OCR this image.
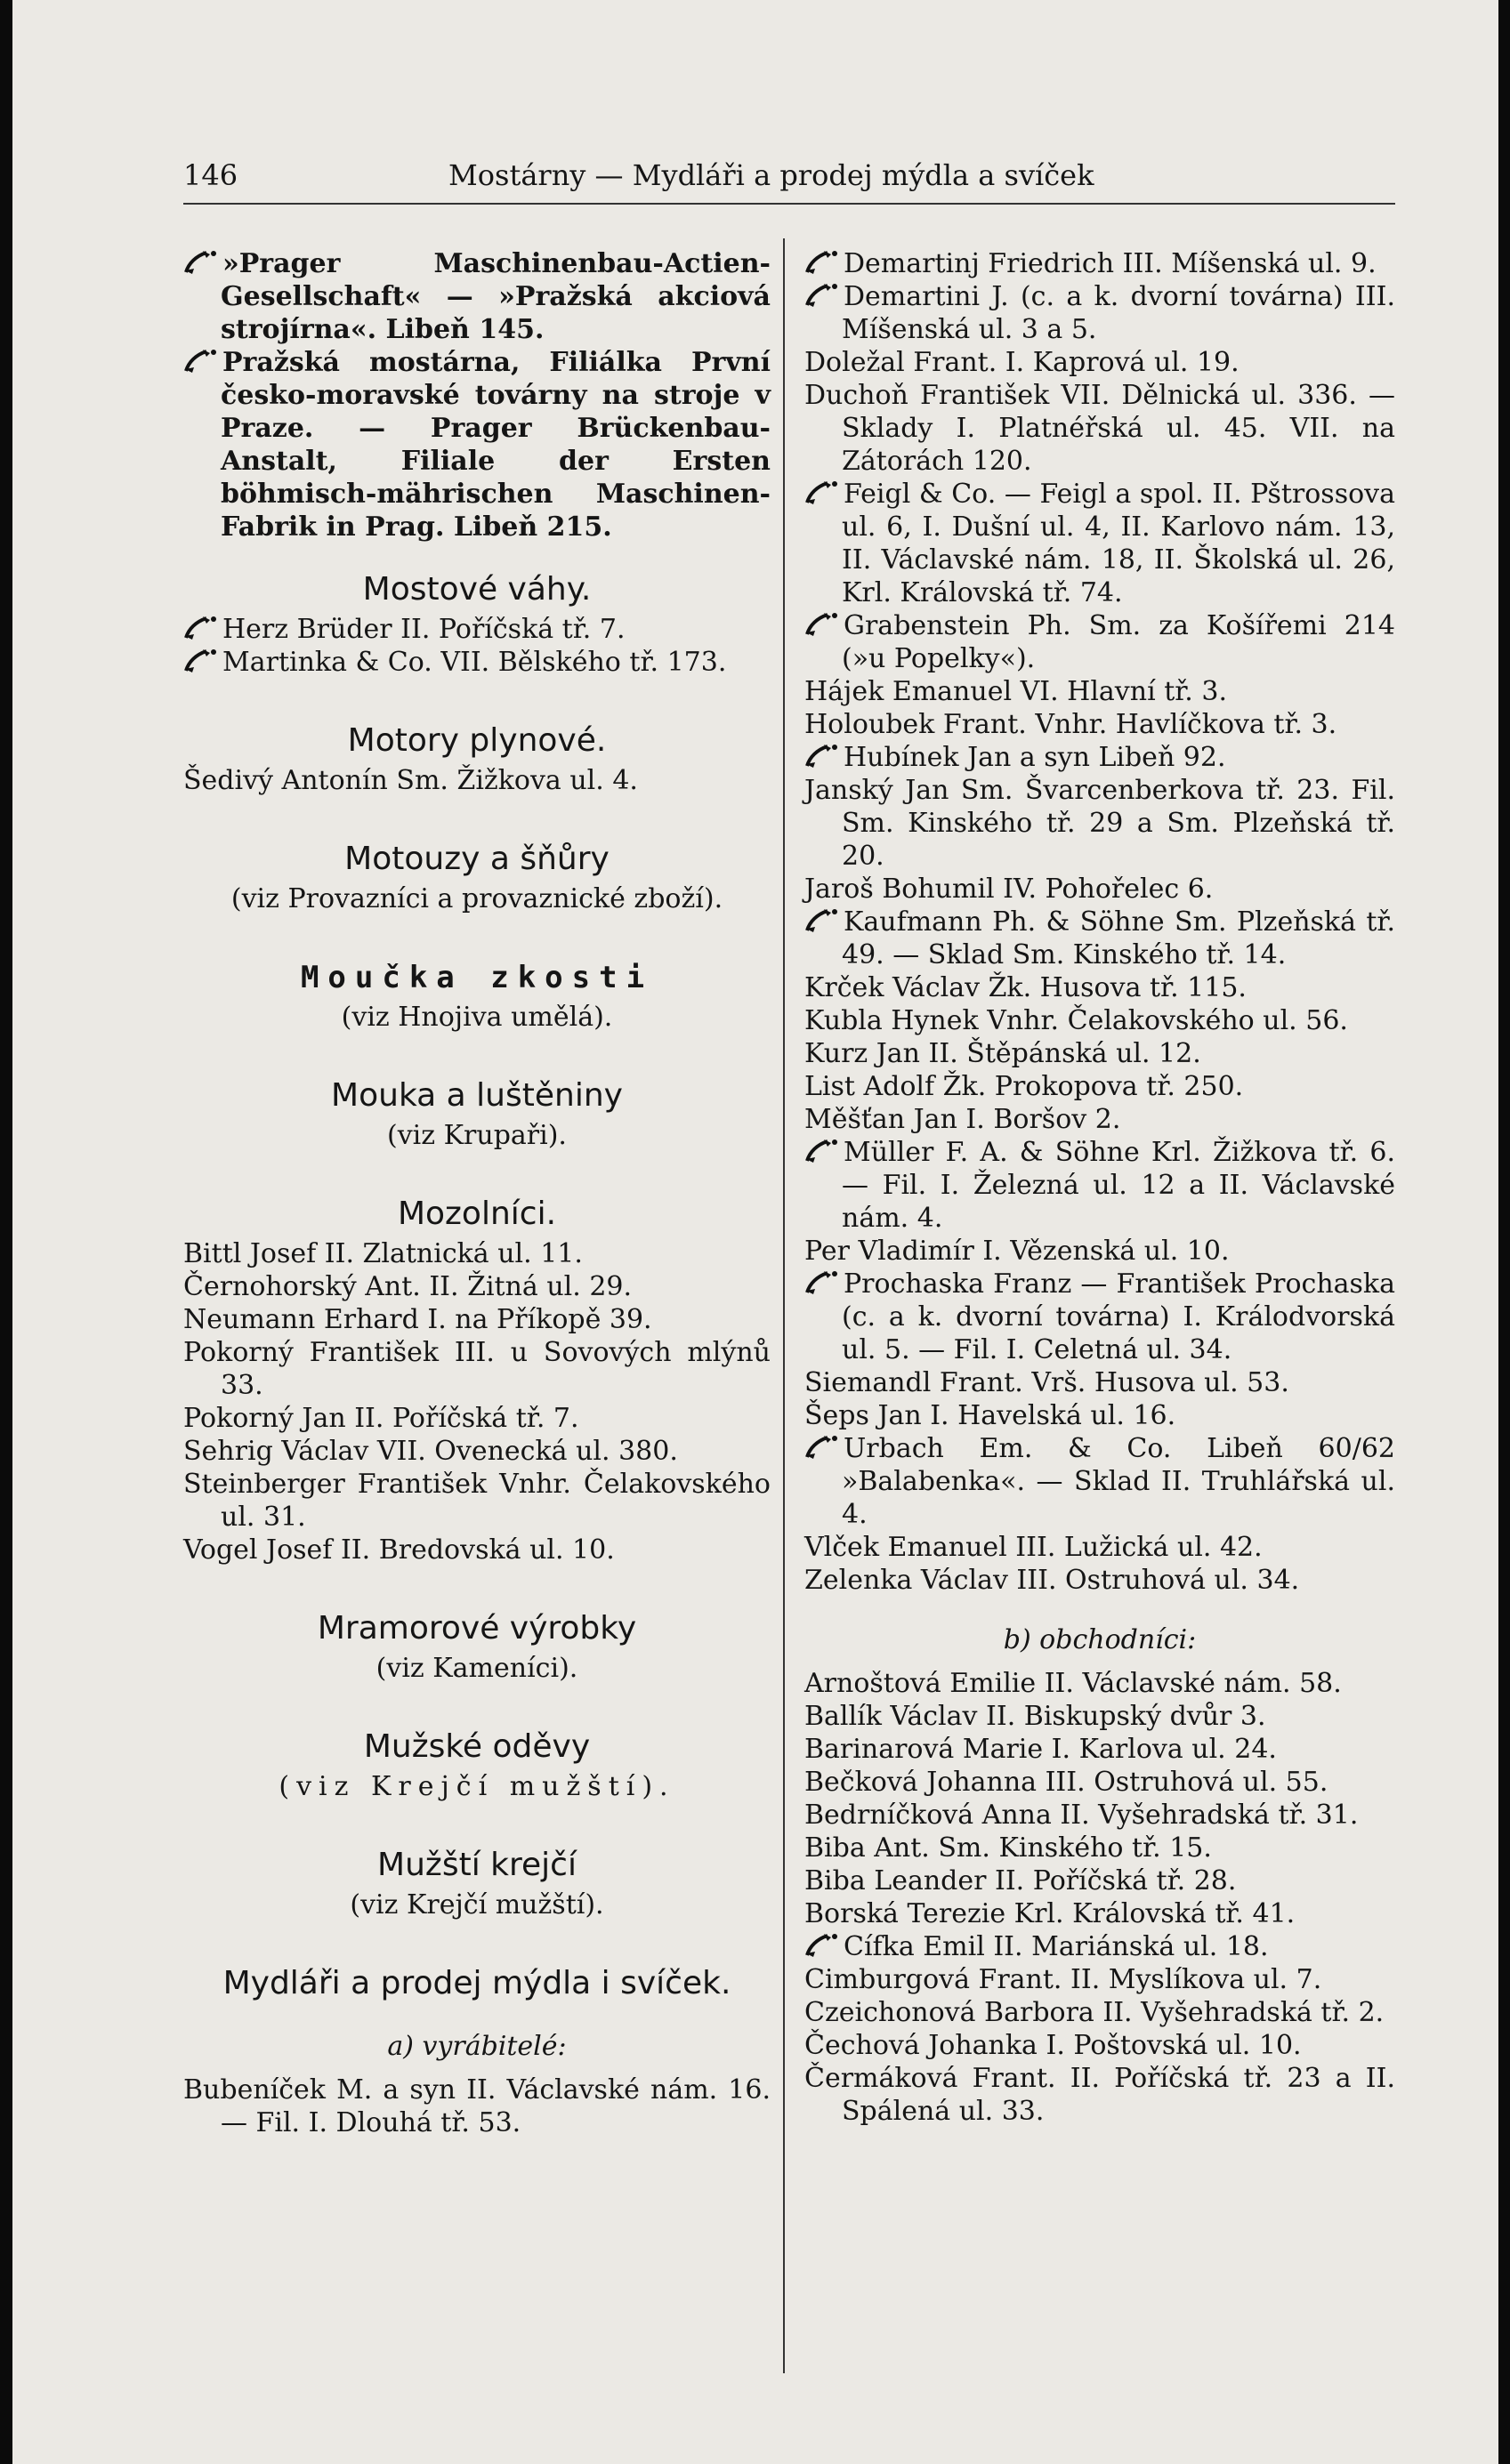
146	Mostárny — Mydláři a prodej mýdla a svíček

»Prager Maschinenbau-Actien-Gesellschaft« — »Pražská akciová strojírna«. Libeň 145.

Pražská mostárna, Filiálka První česko-moravské továrny na stroje v Praze. — Prager Brückenbau-Anstalt, Filiale der Ersten böhmisch-mährischen Maschinen-Fabrik in Prag. Libeň 215.

Mostové váhy.

Herz Brüder II. Poříčská tř. 7.

Martinka & Co. VII. Bělského tř. 173.

Motory plynové.

Šedivý Antonín Sm. Žižkova ul. 4.

Motouzy a šňůry
(viz Provazníci a provaznické zboží).
Moučka zkosti
(viz Hnojiva umělá).
Mouka a luštěniny
(viz Krupaři).
Mozolníci.

Bittl Josef II. Zlatnická ul. 11.

Černohorský Ant. II. Žitná ul. 29.

Neumann Erhard I. na Příkopě 39.

Pokorný František III. u Sovových mlýnů 33.

Pokorný Jan II. Poříčská tř. 7.

Sehrig Václav VII. Ovenecká ul. 380.

Steinberger František Vnhr. Čelakovského ul. 31.

Vogel Josef II. Bredovská ul. 10.

Mramorové výrobky
(viz Kameníci).
Mužské oděvy
(viz Krejčí mužští).
Mužští krejčí
(viz Krejčí mužští).
Mydláři a prodej mýdla i svíček.
a) vyrábitelé:

Bubeníček M. a syn II. Václavské nám. 16. — Fil. I. Dlouhá tř. 53.

Demartinj Friedrich III. Míšenská ul. 9.

Demartini J. (c. a k. dvorní továrna) III. Míšenská ul. 3 a 5.

Doležal Frant. I. Kaprová ul. 19.

Duchoň František VII. Dělnická ul. 336. — Sklady I. Platnéřská ul. 45. VII. na Zátorách 120.

Feigl & Co. — Feigl a spol. II. Pštrossova ul. 6, I. Dušní ul. 4, II. Karlovo nám. 13, II. Václavské nám. 18, II. Školská ul. 26, Krl. Královská tř. 74.

Grabenstein Ph. Sm. za Košířemi 214 (»u Popelky«).

Hájek Emanuel VI. Hlavní tř. 3.

Holoubek Frant. Vnhr. Havlíčkova tř. 3.

Hubínek Jan a syn Libeň 92.

Janský Jan Sm. Švarcenberkova tř. 23. Fil. Sm. Kinského tř. 29 a Sm. Plzeňská tř. 20.

Jaroš Bohumil IV. Pohořelec 6.

Kaufmann Ph. & Söhne Sm. Plzeňská tř. 49. — Sklad Sm. Kinského tř. 14.

Krček Václav Žk. Husova tř. 115.

Kubla Hynek Vnhr. Čelakovského ul. 56.

Kurz Jan II. Štěpánská ul. 12.

List Adolf Žk. Prokopova tř. 250.

Měšťan Jan I. Boršov 2.

Müller F. A. & Söhne Krl. Žižkova tř. 6. — Fil. I. Železná ul. 12 a II. Václavské nám. 4.

Per Vladimír I. Vězenská ul. 10.

Prochaska Franz — František Prochaska (c. a k. dvorní továrna) I. Králodvorská ul. 5. — Fil. I. Celetná ul. 34.

Siemandl Frant. Vrš. Husova ul. 53.

Šeps Jan I. Havelská ul. 16.

Urbach Em. & Co. Libeň 60/62 »Balabenka«. — Sklad II. Truhlářská ul. 4.

Vlček Emanuel III. Lužická ul. 42.

Zelenka Václav III. Ostruhová ul. 34.

b) obchodníci:

Arnoštová Emilie II. Václavské nám. 58.

Ballík Václav II. Biskupský dvůr 3.

Barinarová Marie I. Karlova ul. 24.

Bečková Johanna III. Ostruhová ul. 55.

Bedrníčková Anna II. Vyšehradská tř. 31.

Biba Ant. Sm. Kinského tř. 15.

Biba Leander II. Poříčská tř. 28.

Borská Terezie Krl. Královská tř. 41.

Cífka Emil II. Mariánská ul. 18.

Cimburgová Frant. II. Myslíkova ul. 7.

Czeichonová Barbora II. Vyšehradská tř. 2.

Čechová Johanka I. Poštovská ul. 10.

Čermáková Frant. II. Poříčská tř. 23 a II. Spálená ul. 33.
